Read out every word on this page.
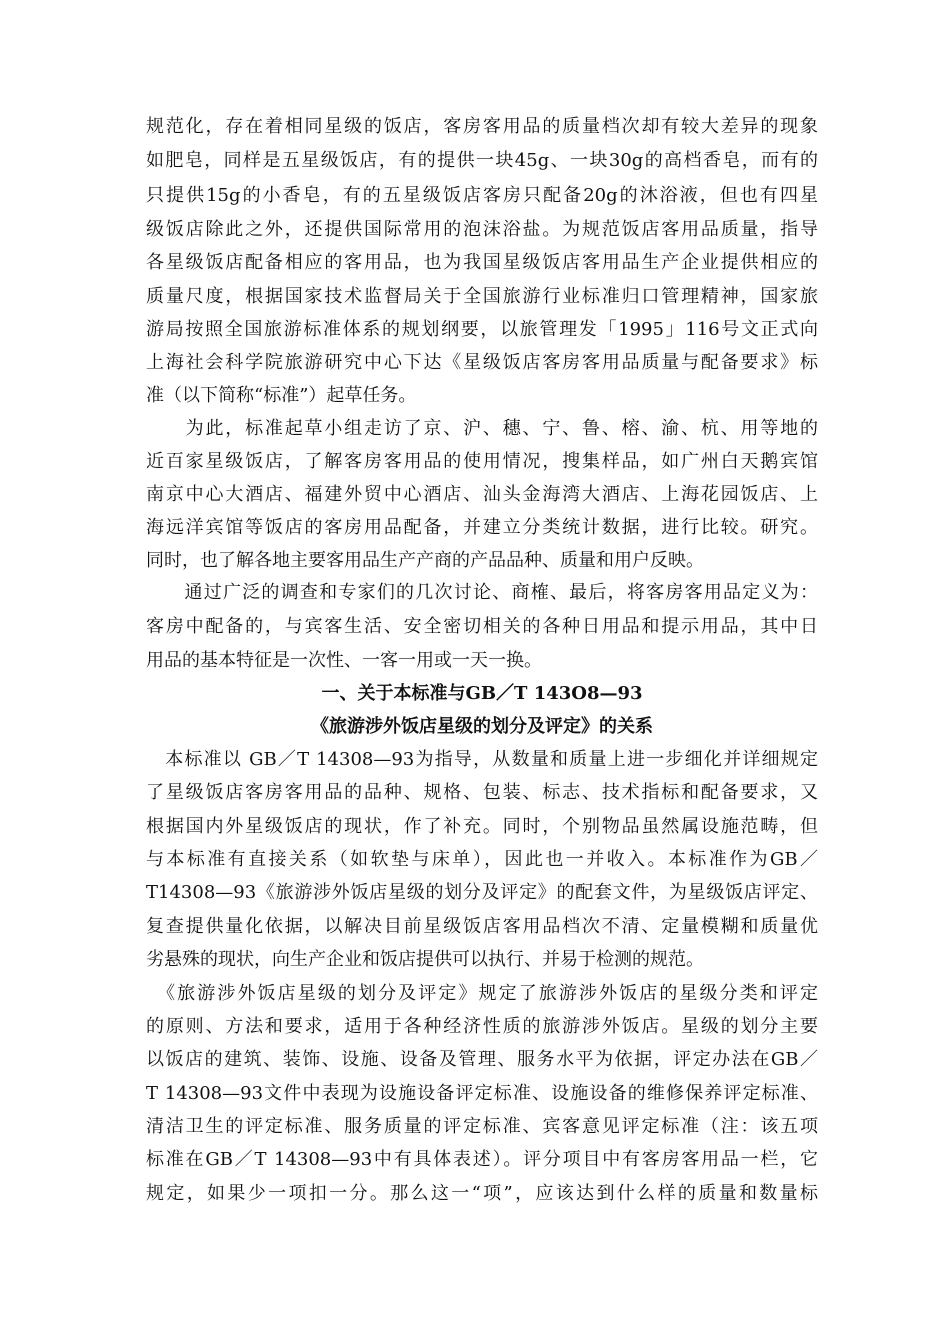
规范化，存在着相同星级的饭店，客房客用品的质量档次却有较大差异的现象
如肥皂，同样是五星级饭店，有的提供一块45g、一块30g的高档香皂，而有的
只提供15g的小香皂，有的五星级饭店客房只配备20g的沐浴液，但也有四星
级饭店除此之外，还提供国际常用的泡沫浴盐。为规范饭店客用品质量，指导
各星级饭店配备相应的客用品，也为我国星级饭店客用品生产企业提供相应的
质量尺度，根据国家技术监督局关于全国旅游行业标准归口管理精神，国家旅
游局按照全国旅游标准体系的规划纲要，以旅管理发「1995」116号文正式向
上海社会科学院旅游研究中心下达《星级饭店客房客用品质量与配备要求》标
准（以下简称“标准”）起草任务。
　　为此，标准起草小组走访了京、沪、穗、宁、鲁、榕、渝、杭、用等地的
近百家星级饭店，了解客房客用品的使用情况，搜集样品，如广州白天鹅宾馆
南京中心大酒店、福建外贸中心酒店、汕头金海湾大酒店、上海花园饭店、上
海远洋宾馆等饭店的客房用品配备，并建立分类统计数据，进行比较。研究。
同时，也了解各地主要客用品生产产商的产品品种、质量和用户反映。
　　通过广泛的调查和专家们的几次讨论、商榷、最后，将客房客用品定义为：
客房中配备的，与宾客生活、安全密切相关的各种日用品和提示用品，其中日
用品的基本特征是一次性、一客一用或一天一换。
一、关于本标准与GB／T 143O8—93
《旅游涉外饭店星级的划分及评定》的关系
　本标准以 GB／T 14308—93为指导，从数量和质量上进一步细化并详细规定
了星级饭店客房客用品的品种、规格、包装、标志、技术指标和配备要求，又
根据国内外星级饭店的现状，作了补充。同时，个别物品虽然属设施范畴，但
与本标准有直接关系（如软垫与床单），因此也一并收入。本标准作为GB／
T14308—93《旅游涉外饭店星级的划分及评定》的配套文件，为星级饭店评定、
复查提供量化依据，以解决目前星级饭店客用品档次不清、定量模糊和质量优
劣悬殊的现状，向生产企业和饭店提供可以执行、并易于检测的规范。
　《旅游涉外饭店星级的划分及评定》规定了旅游涉外饭店的星级分类和评定
的原则、方法和要求，适用于各种经济性质的旅游涉外饭店。星级的划分主要
以饭店的建筑、装饰、设施、设备及管理、服务水平为依据，评定办法在GB／
T 14308—93文件中表现为设施设备评定标准、设施设备的维修保养评定标准、
清洁卫生的评定标准、服务质量的评定标准、宾客意见评定标准（注：该五项
标准在GB／T 14308—93中有具体表述）。评分项目中有客房客用品一栏，它
规定，如果少一项扣一分。那么这一“项”，应该达到什么样的质量和数量标
